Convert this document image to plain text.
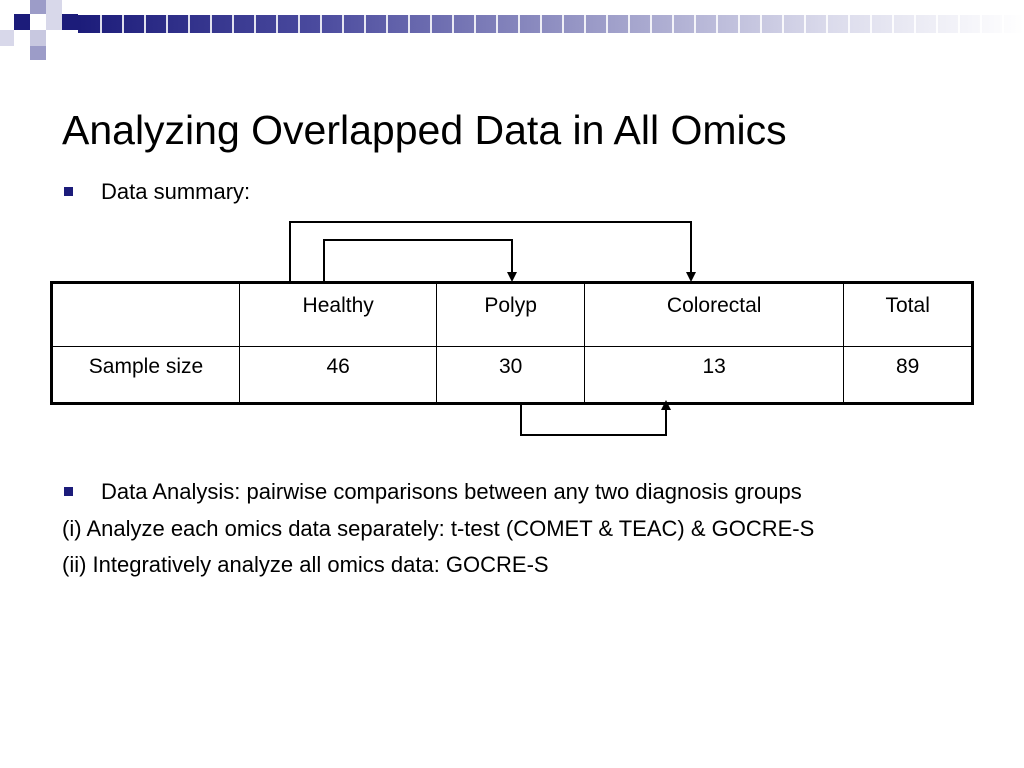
Analyzing Overlapped Data in All Omics
Data summary:
	Healthy	Polyp	Colorectal	Total
Sample size	46	30	13	89
Data Analysis: pairwise comparisons between any two diagnosis groups
(i) Analyze each omics data separately: t-test (COMET & TEAC) & GOCRE-S
(ii) Integratively analyze all omics data: GOCRE-S
